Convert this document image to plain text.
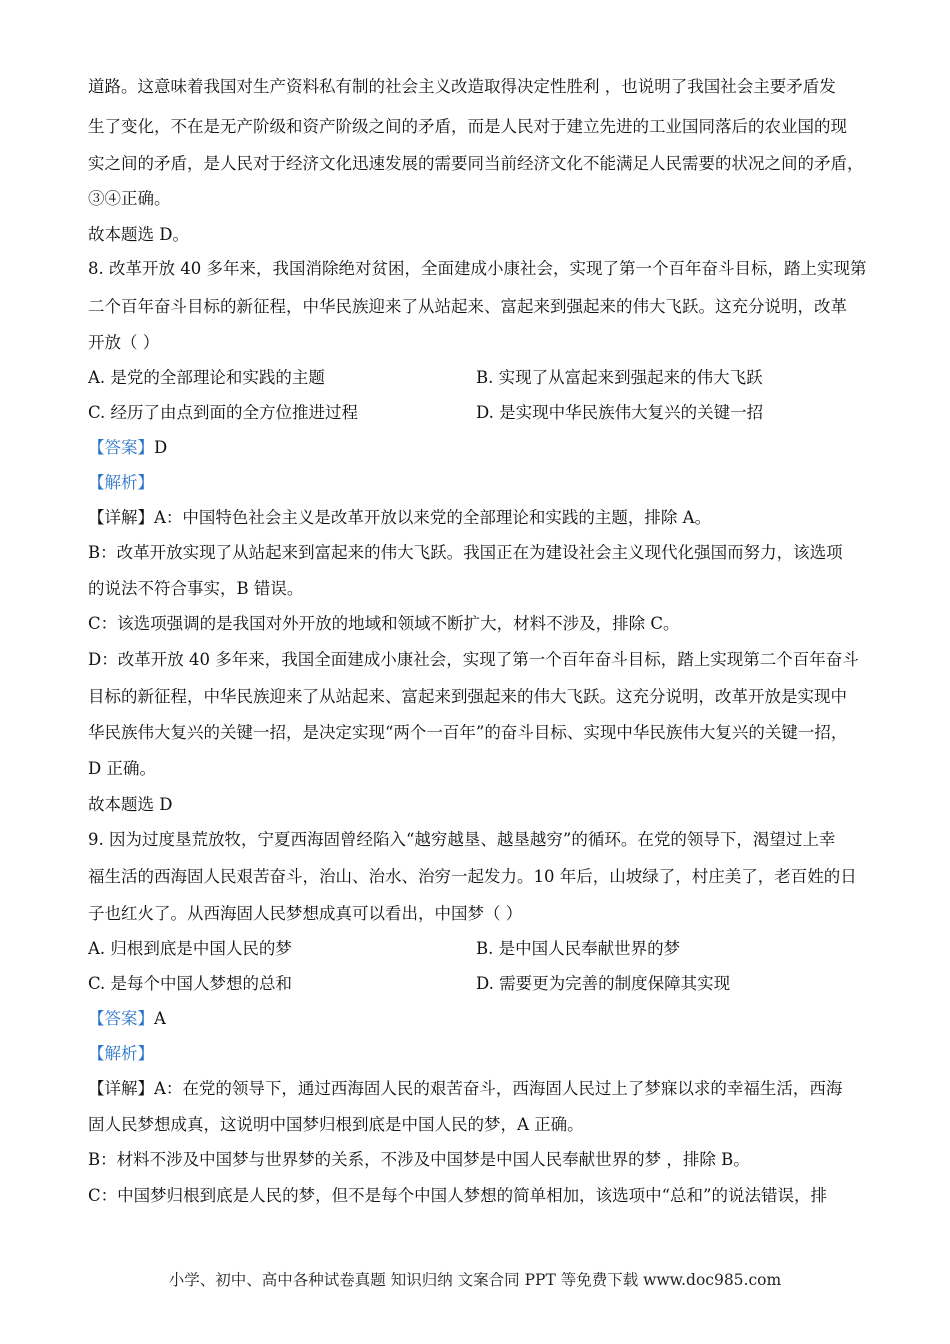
道路。这意味着我国对生产资料私有制的社会主义改造取得决定性胜利 ，也说明了我国社会主要矛盾发
生了变化，不在是无产阶级和资产阶级之间的矛盾，而是人民对于建立先进的工业国同落后的农业国的现
实之间的矛盾，是人民对于经济文化迅速发展的需要同当前经济文化不能满足人民需要的状况之间的矛盾，
③④正确。
故本题选 D。
8. 改革开放 40 多年来，我国消除绝对贫困，全面建成小康社会，实现了第一个百年奋斗目标，踏上实现第
二个百年奋斗目标的新征程，中华民族迎来了从站起来、富起来到强起来的伟大飞跃。这充分说明，改革
开放（ ）
A. 是党的全部理论和实践的主题	B. 实现了从富起来到强起来的伟大飞跃
C. 经历了由点到面的全方位推进过程	D. 是实现中华民族伟大复兴的关键一招
【答案】D
【解析】
【详解】A：中国特色社会主义是改革开放以来党的全部理论和实践的主题，排除 A。
B：改革开放实现了从站起来到富起来的伟大飞跃。我国正在为建设社会主义现代化强国而努力，该选项
的说法不符合事实，B 错误。
C：该选项强调的是我国对外开放的地域和领域不断扩大，材料不涉及，排除 C。
D：改革开放 40 多年来，我国全面建成小康社会，实现了第一个百年奋斗目标，踏上实现第二个百年奋斗
目标的新征程，中华民族迎来了从站起来、富起来到强起来的伟大飞跃。这充分说明，改革开放是实现中
华民族伟大复兴的关键一招，是决定实现“两个一百年”的奋斗目标、实现中华民族伟大复兴的关键一招，
D 正确。
故本题选 D
9. 因为过度垦荒放牧，宁夏西海固曾经陷入“越穷越垦、越垦越穷”的循环。在党的领导下，渴望过上幸
福生活的西海固人民艰苦奋斗，治山、治水、治穷一起发力。10 年后，山坡绿了，村庄美了，老百姓的日
子也红火了。从西海固人民梦想成真可以看出，中国梦（ ）
A. 归根到底是中国人民的梦	B. 是中国人民奉献世界的梦
C. 是每个中国人梦想的总和	D. 需要更为完善的制度保障其实现
【答案】A
【解析】
【详解】A：在党的领导下，通过西海固人民的艰苦奋斗，西海固人民过上了梦寐以求的幸福生活，西海
固人民梦想成真，这说明中国梦归根到底是中国人民的梦，A 正确。
B：材料不涉及中国梦与世界梦的关系，不涉及中国梦是中国人民奉献世界的梦 ，排除 B。
C：中国梦归根到底是人民的梦，但不是每个中国人梦想的简单相加，该选项中“总和”的说法错误，排
小学、初中、高中各种试卷真题 知识归纳 文案合同 PPT 等免费下载 www.doc985.com
